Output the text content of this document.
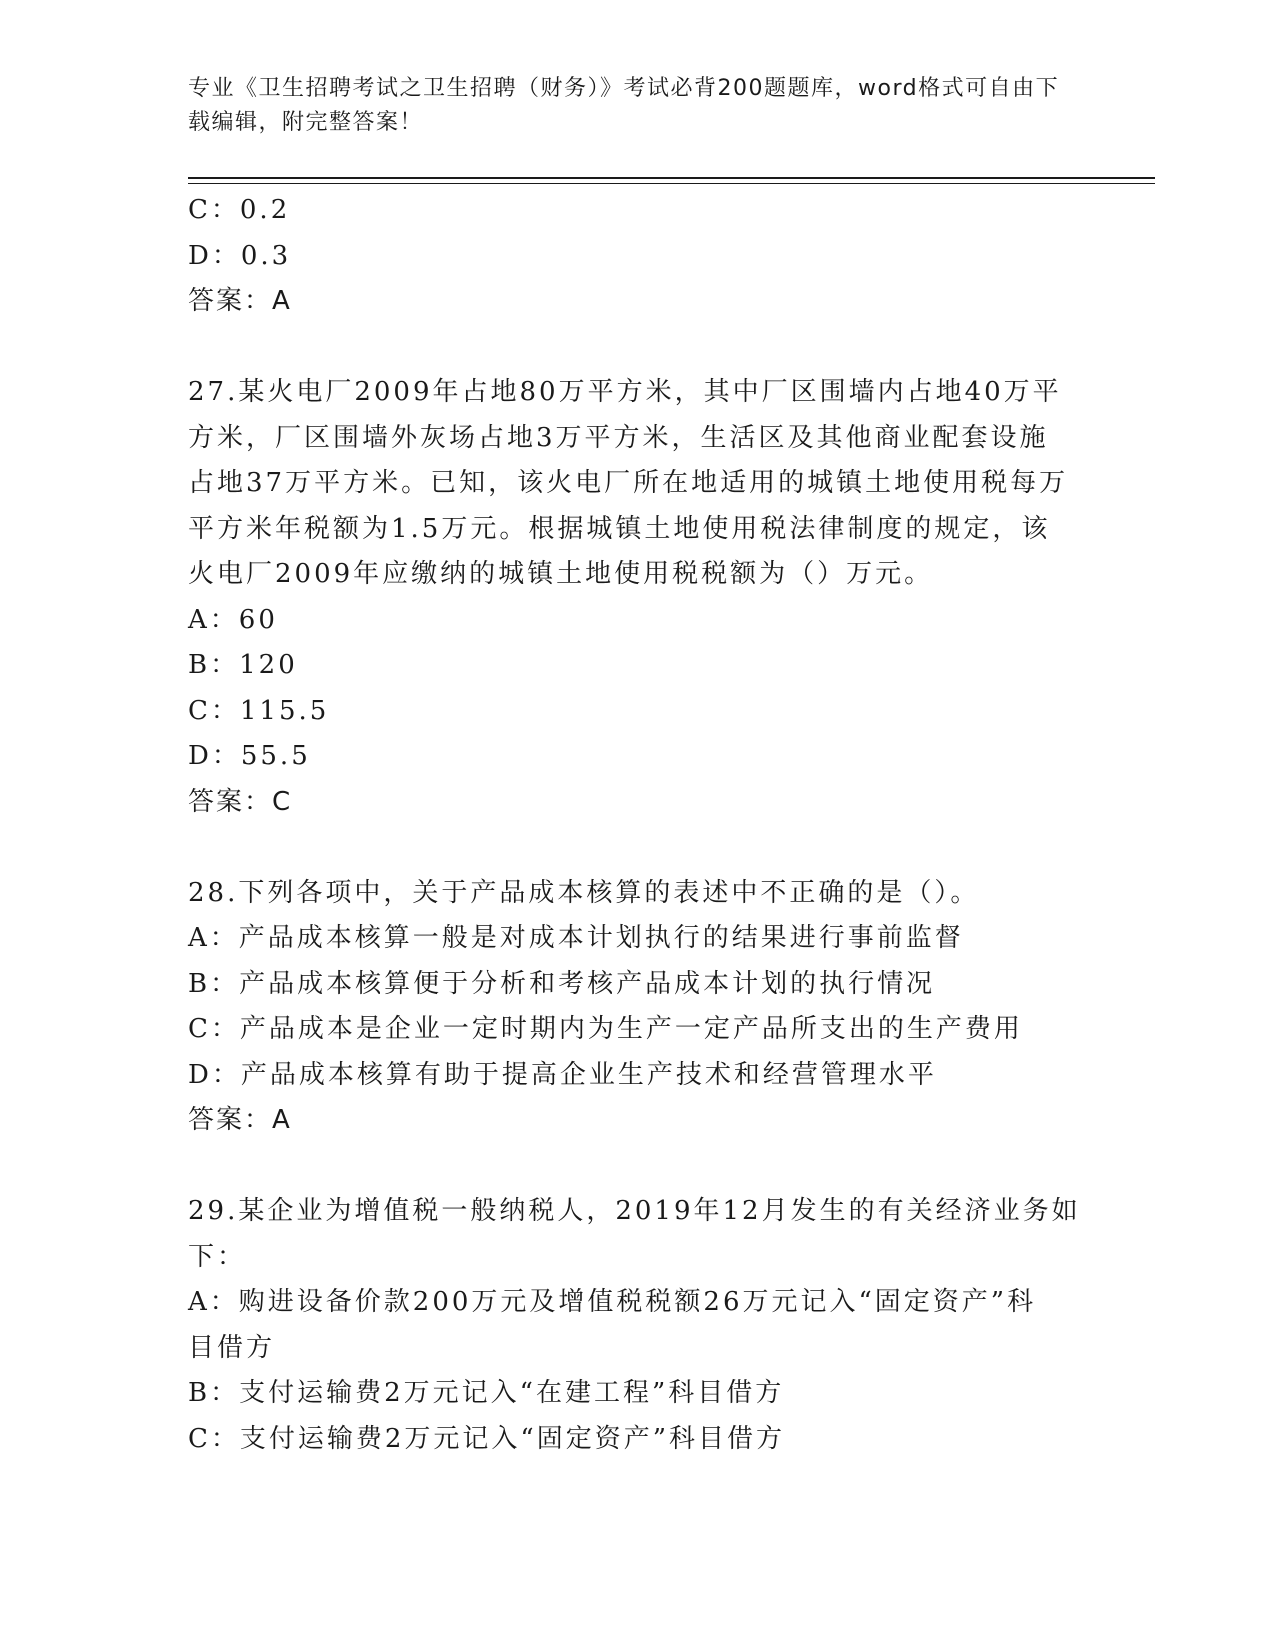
专业《卫生招聘考试之卫生招聘（财务）》考试必背200题题库，word格式可自由下载编辑，附完整答案！
C：0.2
D：0.3
答案：A
27.某火电厂2009年占地80万平方米，其中厂区围墙内占地40万平
方米，厂区围墙外灰场占地3万平方米，生活区及其他商业配套设施
占地37万平方米。已知，该火电厂所在地适用的城镇土地使用税每万
平方米年税额为1.5万元。根据城镇土地使用税法律制度的规定，该
火电厂2009年应缴纳的城镇土地使用税税额为（）万元。
A：60
B：120
C：115.5
D：55.5
答案：C
28.下列各项中，关于产品成本核算的表述中不正确的是（）。
A：产品成本核算一般是对成本计划执行的结果进行事前监督
B：产品成本核算便于分析和考核产品成本计划的执行情况
C：产品成本是企业一定时期内为生产一定产品所支出的生产费用
D：产品成本核算有助于提高企业生产技术和经营管理水平
答案：A
29.某企业为增值税一般纳税人，2019年12月发生的有关经济业务如
下：
A：购进设备价款200万元及增值税税额26万元记入“固定资产”科
目借方
B：支付运输费2万元记入“在建工程”科目借方
C：支付运输费2万元记入“固定资产”科目借方
